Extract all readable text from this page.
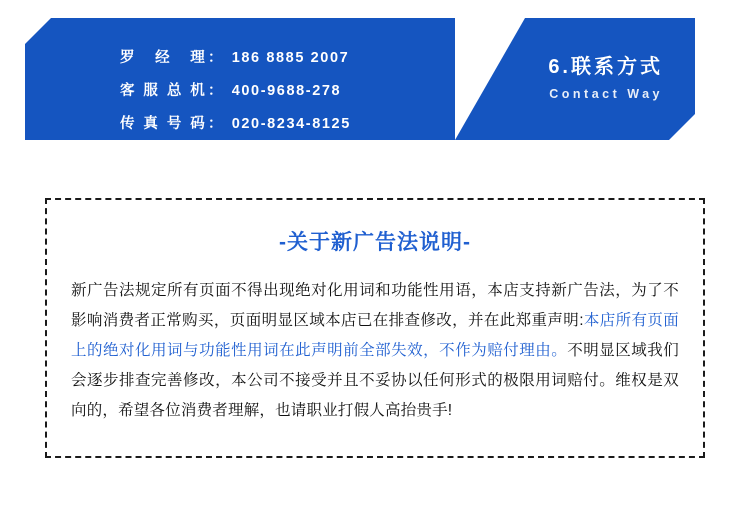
罗经理 ： 186 8885 2007
客服总机 ： 400-9688-278
传真号码 ： 020-8234-8125
6.联系方式
Contact Way
-关于新广告法说明-
新广告法规定所有页面不得出现绝对化用词和功能性用语，本店支持新广告法，为了不影响消费者正常购买，页面明显区域本店已在排查修改，并在此郑重声明:本店所有页面上的绝对化用词与功能性用词在此声明前全部失效，不作为赔付理由。不明显区域我们会逐步排查完善修改，本公司不接受并且不妥协以任何形式的极限用词赔付。维权是双向的，希望各位消费者理解，也请职业打假人高抬贵手!
